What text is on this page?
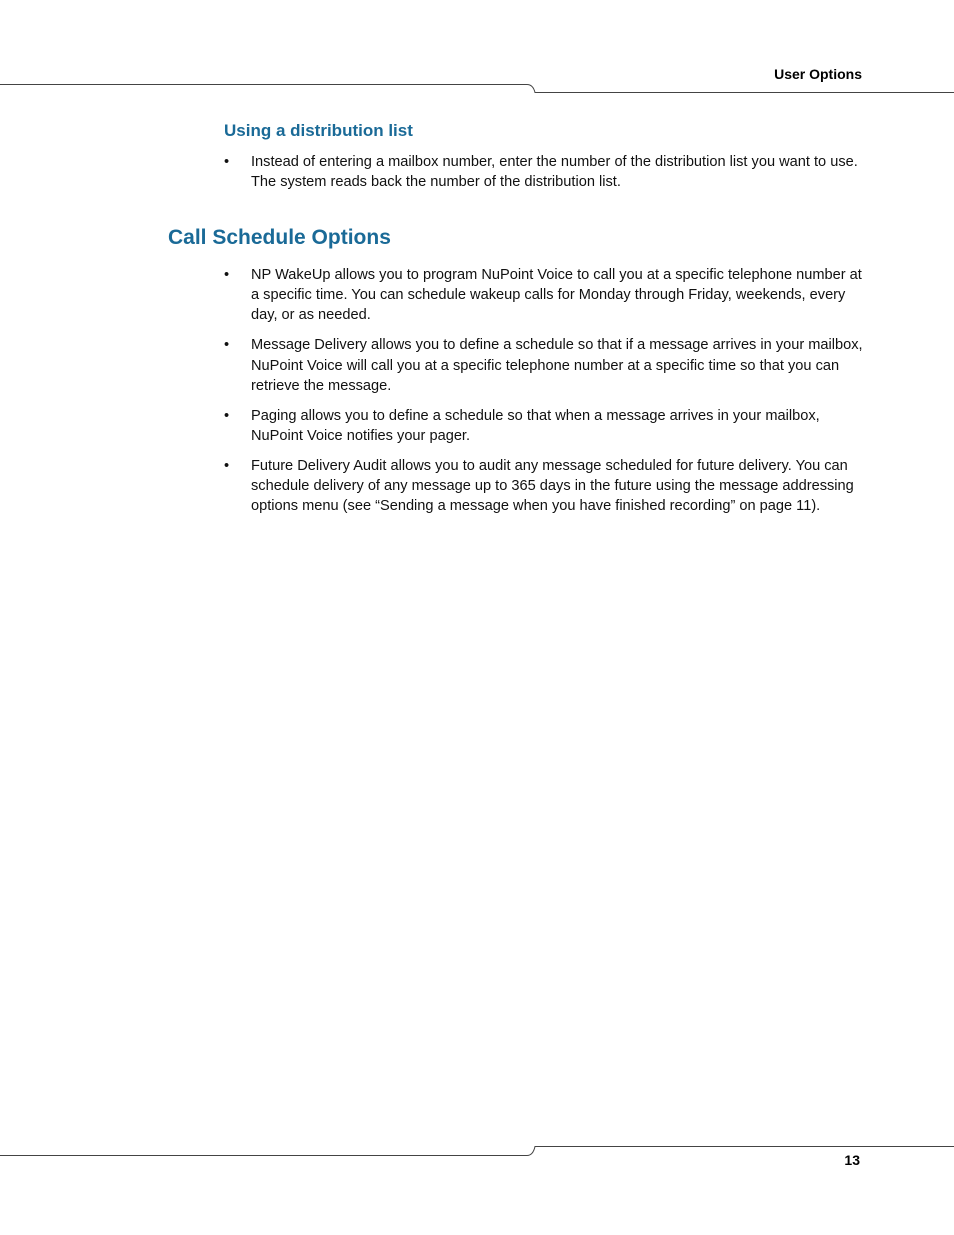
User Options
Using a distribution list
• Instead of entering a mailbox number, enter the number of the distribution list you want to use. The system reads back the number of the distribution list.
Call Schedule Options
• NP WakeUp allows you to program NuPoint Voice to call you at a specific telephone number at a specific time. You can schedule wakeup calls for Monday through Friday, weekends, every day, or as needed.
• Message Delivery allows you to define a schedule so that if a message arrives in your mailbox, NuPoint Voice will call you at a specific telephone number at a specific time so that you can retrieve the message.
• Paging allows you to define a schedule so that when a message arrives in your mailbox, NuPoint Voice notifies your pager.
• Future Delivery Audit allows you to audit any message scheduled for future delivery. You can schedule delivery of any message up to 365 days in the future using the message addressing options menu (see “Sending a message when you have finished recording” on page 11).
13
